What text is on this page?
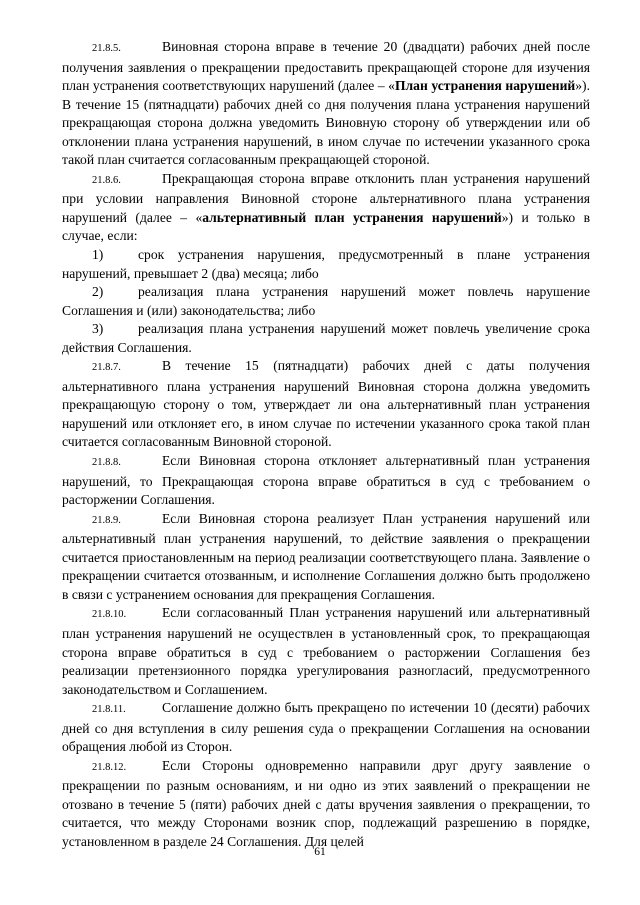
21.8.5.	Виновная сторона вправе в течение 20 (двадцати) рабочих дней после получения заявления о прекращении предоставить прекращающей стороне для изучения план устранения соответствующих нарушений (далее – «План устранения нарушений»). В течение 15 (пятнадцати) рабочих дней со дня получения плана устранения нарушений прекращающая сторона должна уведомить Виновную сторону об утверждении или об отклонении плана устранения нарушений, в ином случае по истечении указанного срока такой план считается согласованным прекращающей стороной.

21.8.6.	Прекращающая сторона вправе отклонить план устранения нарушений при условии направления Виновной стороне альтернативного плана устранения нарушений (далее – «альтернативный план устранения нарушений») и только в случае, если:

1)	срок устранения нарушения, предусмотренный в плане устранения нарушений, превышает 2 (два) месяца; либо

2)	реализация плана устранения нарушений может повлечь нарушение Соглашения и (или) законодательства; либо

3)	реализация плана устранения нарушений может повлечь увеличение срока действия Соглашения.

21.8.7.	В течение 15 (пятнадцати) рабочих дней с даты получения альтернативного плана устранения нарушений Виновная сторона должна уведомить прекращающую сторону о том, утверждает ли она альтернативный план устранения нарушений или отклоняет его, в ином случае по истечении указанного срока такой план считается согласованным Виновной стороной.

21.8.8.	Если Виновная сторона отклоняет альтернативный план устранения нарушений, то Прекращающая сторона вправе обратиться в суд с требованием о расторжении Соглашения.

21.8.9.	Если Виновная сторона реализует План устранения нарушений или альтернативный план устранения нарушений, то действие заявления о прекращении считается приостановленным на период реализации соответствующего плана. Заявление о прекращении считается отозванным, и исполнение Соглашения должно быть продолжено в связи с устранением основания для прекращения Соглашения.

21.8.10.	Если согласованный План устранения нарушений или альтернативный план устранения нарушений не осуществлен в установленный срок, то прекращающая сторона вправе обратиться в суд с требованием о расторжении Соглашения без реализации претензионного порядка урегулирования разногласий, предусмотренного законодательством и Соглашением.

21.8.11.	Соглашение должно быть прекращено по истечении 10 (десяти) рабочих дней со дня вступления в силу решения суда о прекращении Соглашения на основании обращения любой из Сторон.

21.8.12.	Если Стороны одновременно направили друг другу заявление о прекращении по разным основаниям, и ни одно из этих заявлений о прекращении не отозвано в течение 5 (пяти) рабочих дней с даты вручения заявления о прекращении, то считается, что между Сторонами возник спор, подлежащий разрешению в порядке, установленном в разделе 24 Соглашения. Для целей

61
